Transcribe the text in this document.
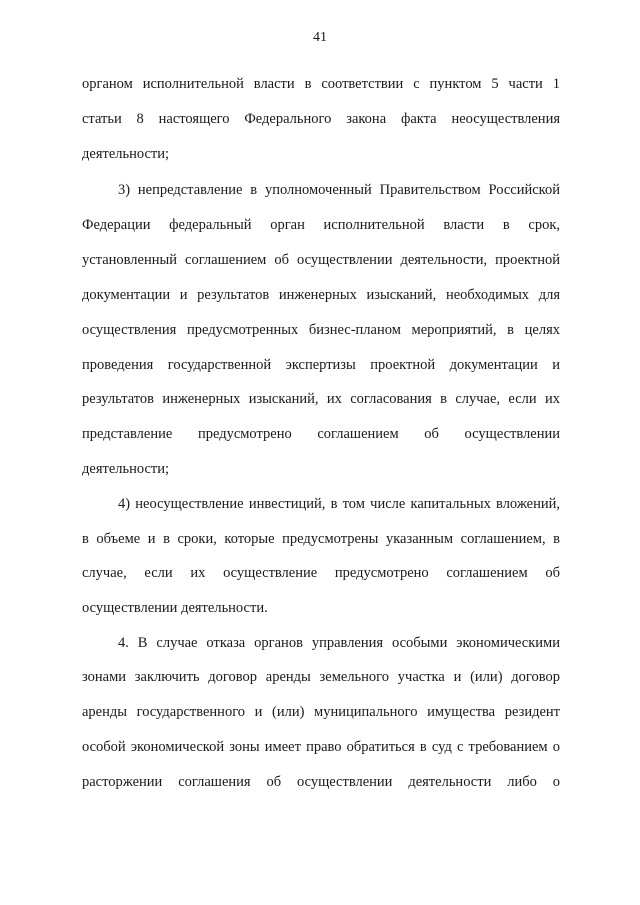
41
органом исполнительной власти в соответствии с пунктом 5 части 1
статьи 8 настоящего Федерального закона факта неосуществления
деятельности;
3) непредставление в уполномоченный Правительством Российской
Федерации федеральный орган исполнительной власти в срок,
установленный соглашением об осуществлении деятельности, проектной
документации и результатов инженерных изысканий, необходимых для
осуществления предусмотренных бизнес-планом мероприятий, в целях
проведения государственной экспертизы проектной документации и
результатов инженерных изысканий, их согласования в случае, если их
представление предусмотрено соглашением об осуществлении
деятельности;
4) неосуществление инвестиций, в том числе капитальных вложений,
в объеме и в сроки, которые предусмотрены указанным соглашением, в
случае, если их осуществление предусмотрено соглашением об
осуществлении деятельности.
4. В случае отказа органов управления особыми экономическими
зонами заключить договор аренды земельного участка и (или) договор
аренды государственного и (или) муниципального имущества резидент
особой экономической зоны имеет право обратиться в суд с требованием о
расторжении соглашения об осуществлении деятельности либо о
